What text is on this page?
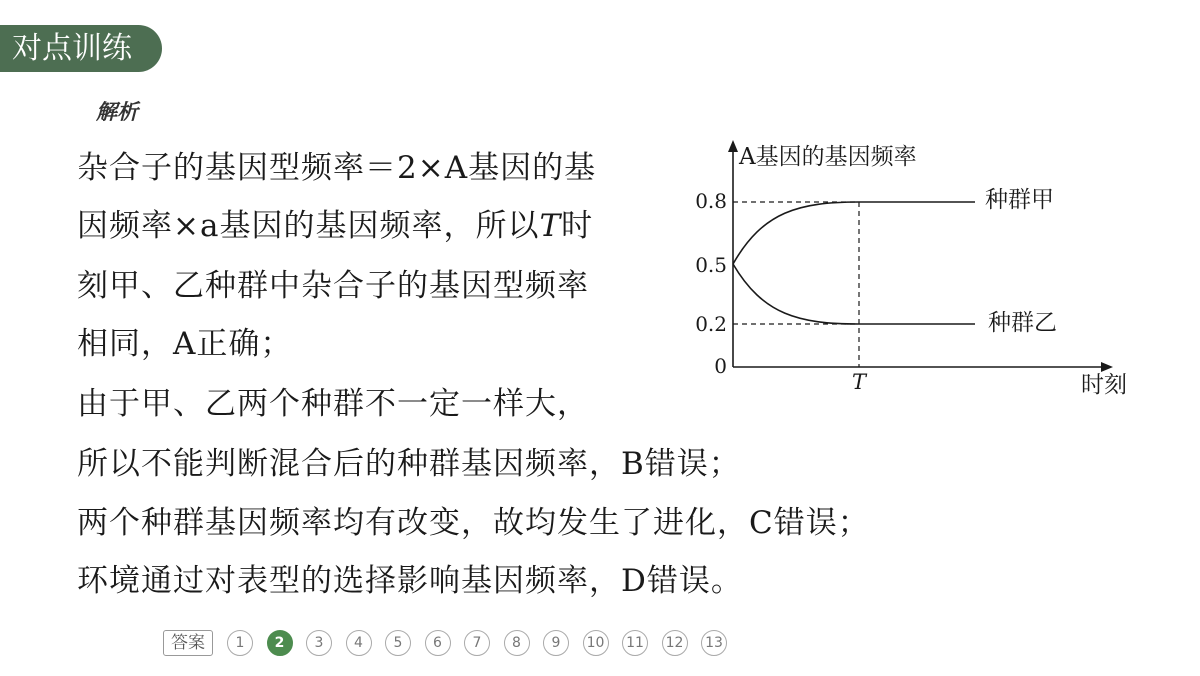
对点训练
解析
杂合子的基因型频率＝2×A基因的基
因频率×a基因的基因频率，所以T时
刻甲、乙种群中杂合子的基因型频率
相同，A正确；
由于甲、乙两个种群不一定一样大，
所以不能判断混合后的种群基因频率，B错误；
两个种群基因频率均有改变，故均发生了进化，C错误；
环境通过对表型的选择影响基因频率，D错误。
A基因的基因频率
时刻
0.8
0.5
0.2
0
T
种群甲
种群乙
答案	1	2	3	4	5	6	7	8	9	10 11 12 13
